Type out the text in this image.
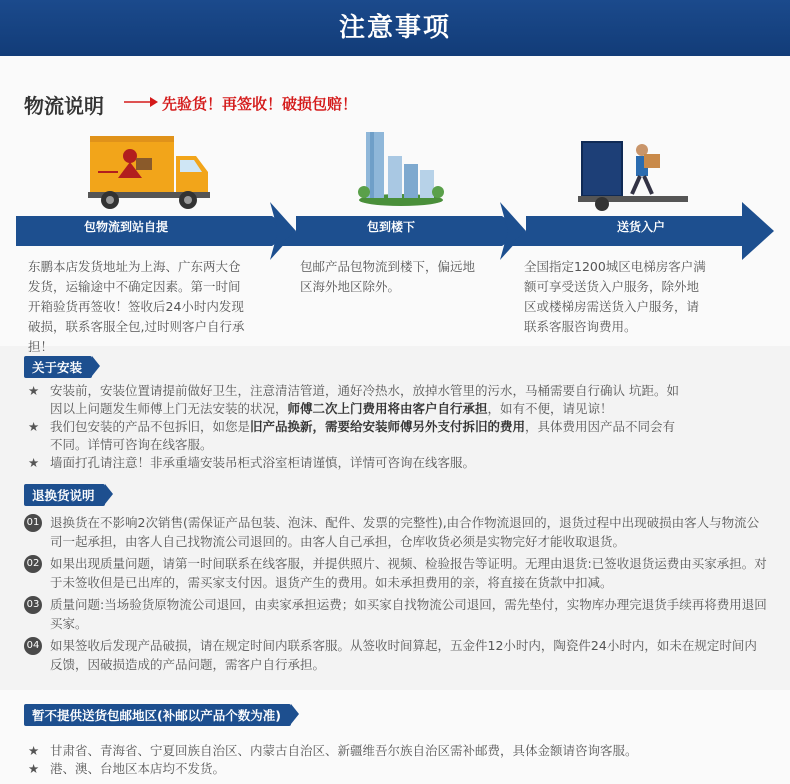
注意事项
物流说明	先验货！再签收！破损包赔！
包物流到站自提	包到楼下	送货入户
东鹏本店发货地址为上海、广东两大仓
发货，运输途中不确定因素。第一时间
开箱验货再签收！签收后24小时内发现
破损，联系客服全包,过时则客户自行承
担！
包邮产品包物流到楼下，偏远地
区海外地区除外。
全国指定1200城区电梯房客户满
额可享受送货入户服务，除外地
区或楼梯房需送货入户服务，请
联系客服咨询费用。
关于安装
★ 安装前，安装位置请提前做好卫生，注意清洁管道，通好冷热水，放掉水管里的污水，马桶需要自行确认 坑距。如
因以上问题发生师傅上门无法安装的状况，师傅二次上门费用将由客户自行承担，如有不便，请见谅！
★ 我们包安装的产品不包拆旧，如您是旧产品换新，需要给安装师傅另外支付拆旧的费用，具体费用因产品不同会有
不同。详情可咨询在线客服。
★ 墙面打孔请注意！非承重墙安装吊柜式浴室柜请谨慎，详情可咨询在线客服。
退换货说明
01 退换货在不影响2次销售(需保证产品包装、泡沫、配件、发票的完整性),由合作物流退回的，退货过程中出现破损由客人与物流公司一起承担，由客人自己找物流公司退回的。由客人自己承担，仓库收货必须是实物完好才能收取退货。
02 如果出现质量问题，请第一时间联系在线客服，并提供照片、视频、检验报告等证明。无理由退货:已签收退货运费由买家承担。对于未签收但是已出库的，需买家支付因。退货产生的费用。如未承担费用的亲，将直接在货款中扣减。
03 质量问题:当场验货原物流公司退回，由卖家承担运费；如买家自找物流公司退回，需先垫付，实物库办理完退货手续再将费用退回买家。
04 如果签收后发现产品破损，请在规定时间内联系客服。从签收时间算起，五金件12小时内，陶瓷件24小时内，如未在规定时间内反馈，因破损造成的产品问题，需客户自行承担。
暂不提供送货包邮地区(补邮以产品个数为准)
★ 甘肃省、青海省、宁夏回族自治区、内蒙古自治区、新疆维吾尔族自治区需补邮费，具体金额请咨询客服。
★ 港、澳、台地区本店均不发货。
